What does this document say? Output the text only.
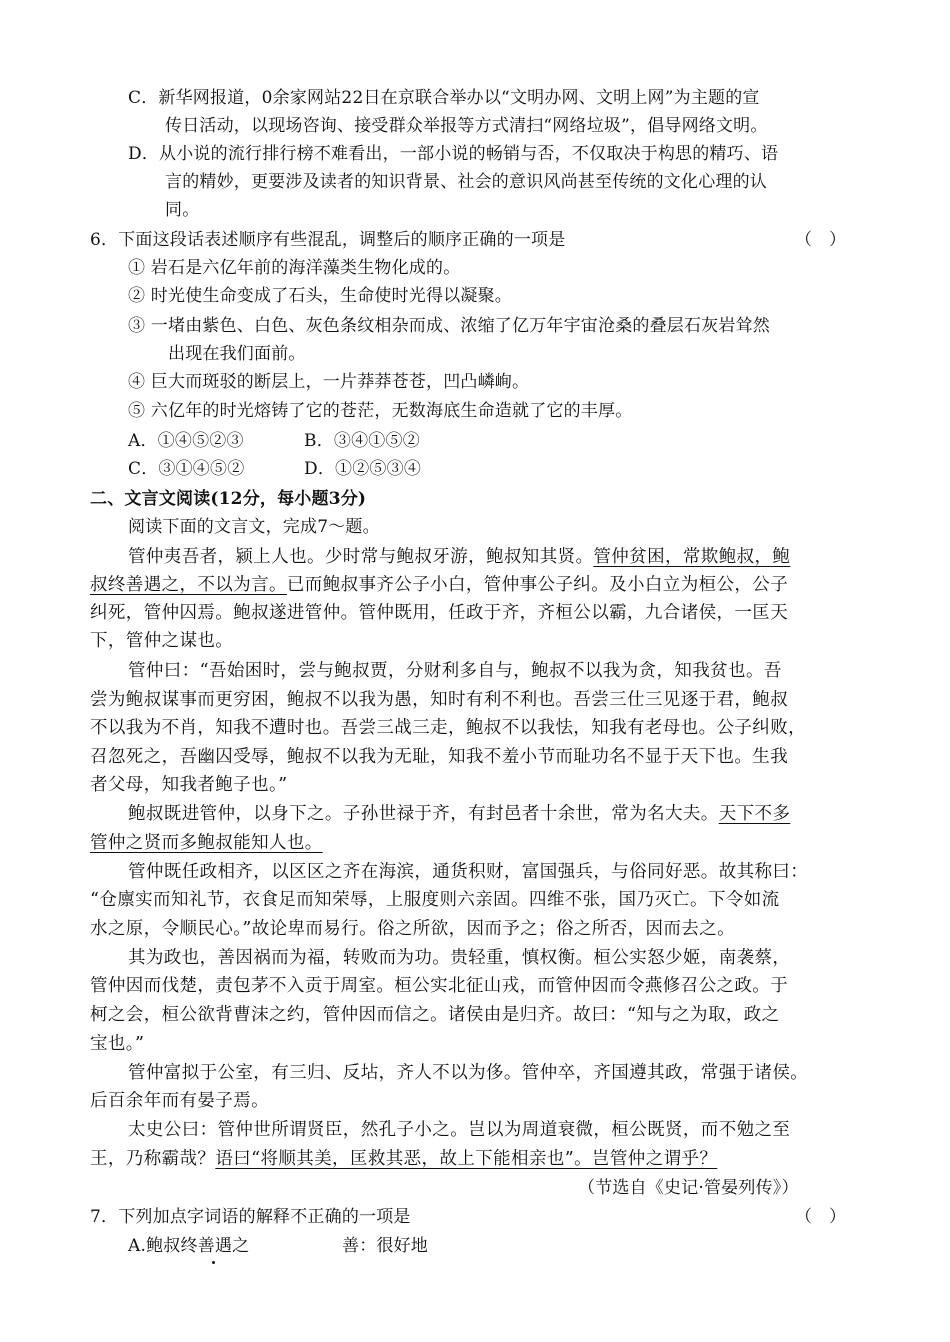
C．新华网报道，0余家网站22日在京联合举办以“文明办网、文明上网”为主题的宣
传日活动，以现场咨询、接受群众举报等方式清扫“网络垃圾”，倡导网络文明。
D．从小说的流行排行榜不难看出，一部小说的畅销与否，不仅取决于构思的精巧、语
言的精妙，更要涉及读者的知识背景、社会的意识风尚甚至传统的文化心理的认
同。
6．下面这段话表述顺序有些混乱，调整后的顺序正确的一项是	（　）
① 岩石是六亿年前的海洋藻类生物化成的。
② 时光使生命变成了石头，生命使时光得以凝聚。
③ 一堵由紫色、白色、灰色条纹相杂而成、浓缩了亿万年宇宙沧桑的叠层石灰岩耸然
出现在我们面前。
④ 巨大而斑驳的断层上，一片莽莽苍苍，凹凸嶙峋。
⑤ 六亿年的时光熔铸了它的苍茫，无数海底生命造就了它的丰厚。
A．①④⑤②③	B．③④①⑤②
C．③①④⑤②	D．①②⑤③④
二、文言文阅读(12分，每小题3分)
阅读下面的文言文，完成7～题。
管仲夷吾者，颍上人也。少时常与鲍叔牙游，鲍叔知其贤。管仲贫困，常欺鲍叔，鲍
叔终善遇之，不以为言。已而鲍叔事齐公子小白，管仲事公子纠。及小白立为桓公，公子
纠死，管仲囚焉。鲍叔遂进管仲。管仲既用，任政于齐，齐桓公以霸，九合诸侯，一匡天
下，管仲之谋也。
管仲曰：“吾始困时，尝与鲍叔贾，分财利多自与，鲍叔不以我为贪，知我贫也。吾
尝为鲍叔谋事而更穷困，鲍叔不以我为愚，知时有利不利也。吾尝三仕三见逐于君，鲍叔
不以我为不肖，知我不遭时也。吾尝三战三走，鲍叔不以我怯，知我有老母也。公子纠败，
召忽死之，吾幽囚受辱，鲍叔不以我为无耻，知我不羞小节而耻功名不显于天下也。生我
者父母，知我者鲍子也。”
鲍叔既进管仲，以身下之。子孙世禄于齐，有封邑者十余世，常为名大夫。天下不多
管仲之贤而多鲍叔能知人也。
管仲既任政相齐，以区区之齐在海滨，通货积财，富国强兵，与俗同好恶。故其称曰：
“仓廪实而知礼节，衣食足而知荣辱，上服度则六亲固。四维不张，国乃灭亡。下令如流
水之原，令顺民心。”故论卑而易行。俗之所欲，因而予之；俗之所否，因而去之。
其为政也，善因祸而为福，转败而为功。贵轻重，慎权衡。桓公实怒少姬，南袭蔡，
管仲因而伐楚，责包茅不入贡于周室。桓公实北征山戎，而管仲因而令燕修召公之政。于
柯之会，桓公欲背曹沫之约，管仲因而信之。诸侯由是归齐。故曰：“知与之为取，政之
宝也。”
管仲富拟于公室，有三归、反坫，齐人不以为侈。管仲卒，齐国遵其政，常强于诸侯。
后百余年而有晏子焉。
太史公曰：管仲世所谓贤臣，然孔子小之。岂以为周道衰微，桓公既贤，而不勉之至
王，乃称霸哉？语曰“将顺其美，匡救其恶，故上下能相亲也”。岂管仲之谓乎？
（节选自《史记·管晏列传》）
7．下列加点字词语的解释不正确的一项是	（　）
A.鲍叔终善遇之	善：很好地
